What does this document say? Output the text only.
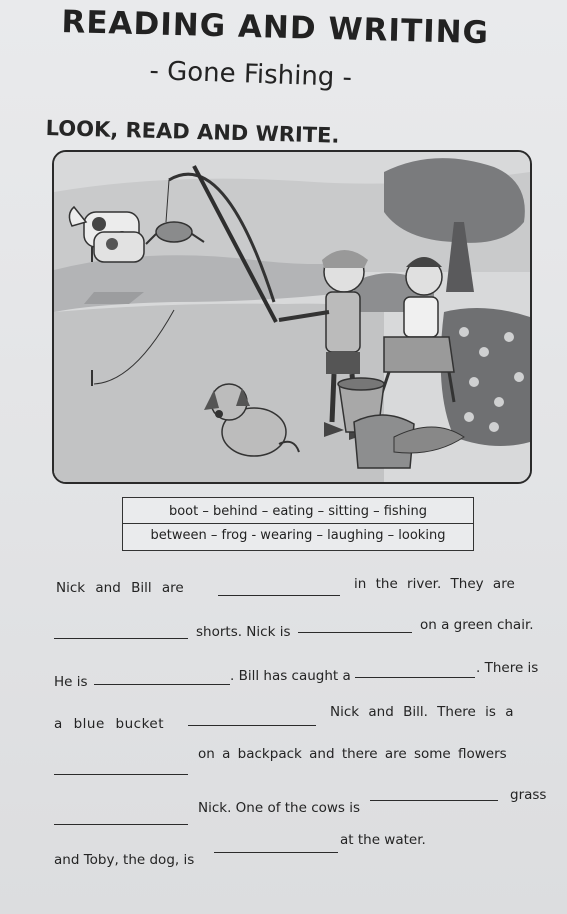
READING AND WRITING
- Gone Fishing -
LOOK, READ AND WRITE.
boot – behind – eating – sitting – fishing
between – frog - wearing – laughing – looking
Nick and Bill are	in the river. They are
shorts. Nick is	on a green chair.
He is	. Bill has caught a	. There is
a blue bucket
Nick and Bill. There is a
on a backpack and there are some flowers
Nick. One of the cows is
grass
and Toby, the dog, is
at the water.
